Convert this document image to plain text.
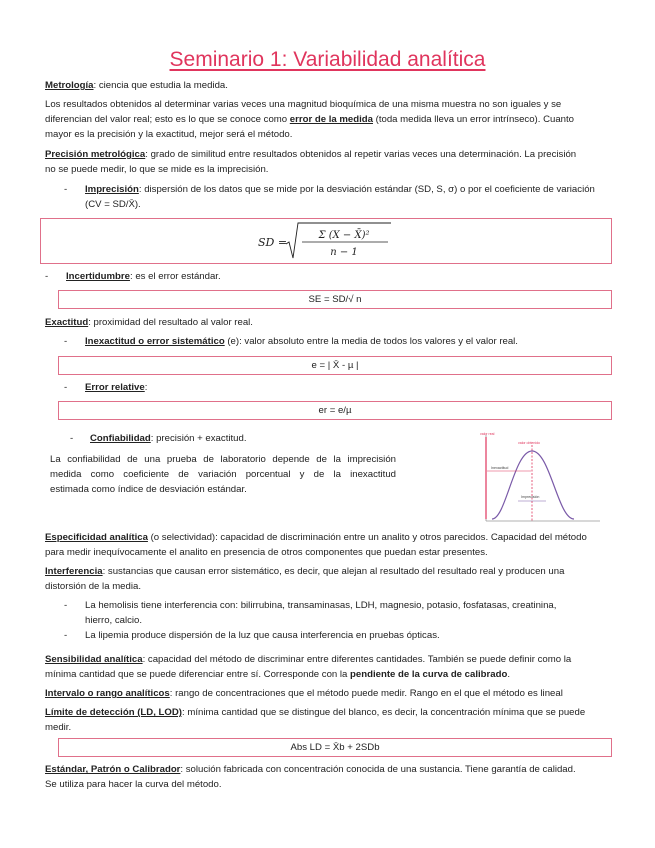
Seminario 1: Variabilidad analítica
Metrología: ciencia que estudia la medida.
Los resultados obtenidos al determinar varias veces una magnitud bioquímica de una misma muestra no son iguales y se
diferencian del valor real; esto es lo que se conoce como error de la medida (toda medida lleva un error intrínseco). Cuanto
mayor es la precisión y la exactitud, mejor será el método.
Precisión metrológica: grado de similitud entre resultados obtenidos al repetir varias veces una determinación. La precisión
no se puede medir, lo que se mide es la imprecisión.
- Imprecisión: dispersión de los datos que se mide por la desviación estándar (SD, S, σ) o por el coeficiente de variación
(CV = SD/X̄).
SD =
Σ (X − X̄)²
n − 1
- Incertidumbre: es el error estándar.
SE = SD/√ n
Exactitud: proximidad del resultado al valor real.
- Inexactitud o error sistemático (e): valor absoluto entre la media de todos los valores y el valor real.
e = | X̄ - µ |
- Error relative:
er = e/µ
- Confiabilidad: precisión + exactitud.
La confiabilidad de una prueba de laboratorio depende de la imprecisión
medida como coeficiente de variación porcentual y de la inexactitud
estimada como índice de desviación estándar.
valor real
valor obtenido
Inexactitud
Imprecisión
Especificidad analítica (o selectividad): capacidad de discriminación entre un analito y otros parecidos. Capacidad del método
para medir inequívocamente el analito en presencia de otros componentes que puedan estar presentes.
Interferencia: sustancias que causan error sistemático, es decir, que alejan al resultado del resultado real y producen una
distorsión de la media.
- La hemolisis tiene interferencia con: bilirrubina, transaminasas, LDH, magnesio, potasio, fosfatasas, creatinina,
hierro, calcio.
- La lipemia produce dispersión de la luz que causa interferencia en pruebas ópticas.
Sensibilidad analítica: capacidad del método de discriminar entre diferentes cantidades. También se puede definir como la
mínima cantidad que se puede diferenciar entre sí. Corresponde con la pendiente de la curva de calibrado.
Intervalo o rango analíticos: rango de concentraciones que el método puede medir. Rango en el que el método es lineal
Límite de detección (LD, LOD): mínima cantidad que se distingue del blanco, es decir, la concentración mínima que se puede
medir.
Abs LD = X̄b + 2SDb
Estándar, Patrón o Calibrador: solución fabricada con concentración conocida de una sustancia. Tiene garantía de calidad.
Se utiliza para hacer la curva del método.
